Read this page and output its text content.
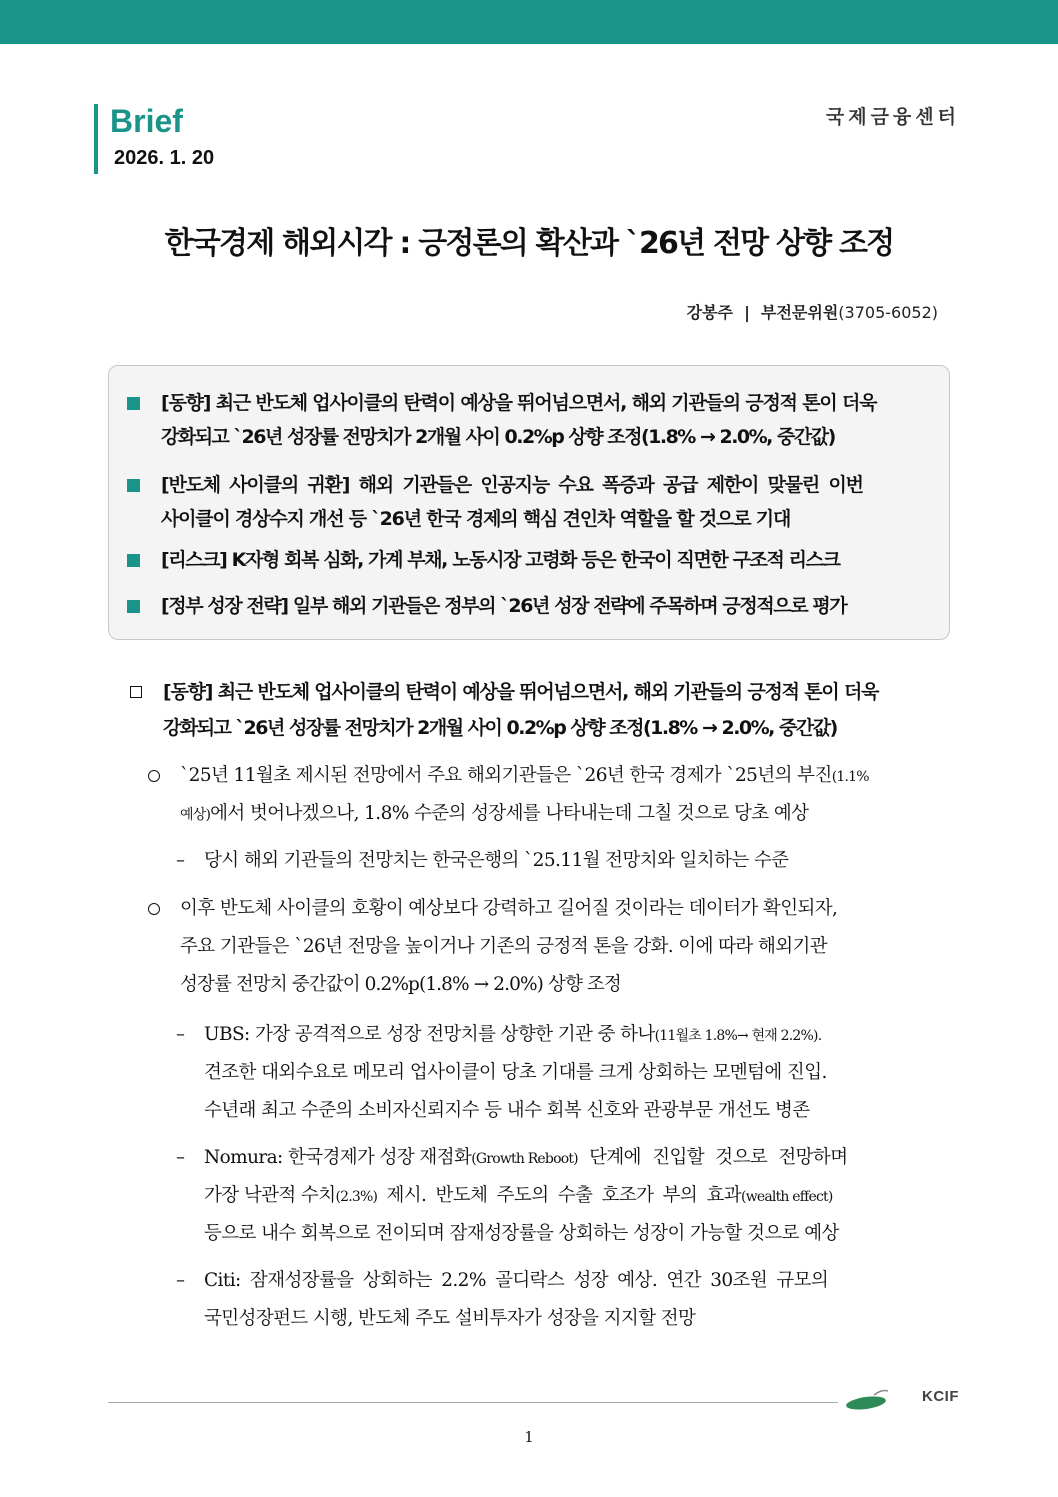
Brief
2026. 1. 20
국제금융센터
한국경제 해외시각 : 긍정론의 확산과 `26년 전망 상향 조정
강봉주 | 부전문위원(3705-6052)
[동향] 최근 반도체 업사이클의 탄력이 예상을 뛰어넘으면서, 해외 기관들의 긍정적 톤이 더욱
강화되고 `26년 성장률 전망치가 2개월 사이 0.2%p 상향 조정(1.8% → 2.0%, 중간값)
[반도체 사이클의 귀환] 해외 기관들은 인공지능 수요 폭증과 공급 제한이 맞물린 이번
사이클이 경상수지 개선 등 `26년 한국 경제의 핵심 견인차 역할을 할 것으로 기대
[리스크] K자형 회복 심화, 가계 부채, 노동시장 고령화 등은 한국이 직면한 구조적 리스크
[정부 성장 전략] 일부 해외 기관들은 정부의 `26년 성장 전략에 주목하며 긍정적으로 평가
[동향] 최근 반도체 업사이클의 탄력이 예상을 뛰어넘으면서, 해외 기관들의 긍정적 톤이 더욱
강화되고 `26년 성장률 전망치가 2개월 사이 0.2%p 상향 조정(1.8% → 2.0%, 중간값)
`25년 11월초 제시된 전망에서 주요 해외기관들은 `26년 한국 경제가 `25년의 부진(1.1%
예상)에서 벗어나겠으나, 1.8% 수준의 성장세를 나타내는데 그칠 것으로 당초 예상
– 당시 해외 기관들의 전망치는 한국은행의 `25.11월 전망치와 일치하는 수준
이후 반도체 사이클의 호황이 예상보다 강력하고 길어질 것이라는 데이터가 확인되자,
주요 기관들은 `26년 전망을 높이거나 기존의 긍정적 톤을 강화. 이에 따라 해외기관
성장률 전망치 중간값이 0.2%p(1.8% → 2.0%) 상향 조정
– UBS: 가장 공격적으로 성장 전망치를 상향한 기관 중 하나(11월초 1.8%→ 현재 2.2%).
견조한 대외수요로 메모리 업사이클이 당초 기대를 크게 상회하는 모멘텀에 진입.
수년래 최고 수준의 소비자신뢰지수 등 내수 회복 신호와 관광부문 개선도 병존
– Nomura: 한국경제가 성장 재점화(Growth Reboot) 단계에 진입할 것으로 전망하며
가장 낙관적 수치(2.3%) 제시. 반도체 주도의 수출 호조가 부의 효과(wealth effect)
등으로 내수 회복으로 전이되며 잠재성장률을 상회하는 성장이 가능할 것으로 예상
– Citi: 잠재성장률을 상회하는 2.2% 골디락스 성장 예상. 연간 30조원 규모의
국민성장펀드 시행, 반도체 주도 설비투자가 성장을 지지할 전망
KCIF
1
